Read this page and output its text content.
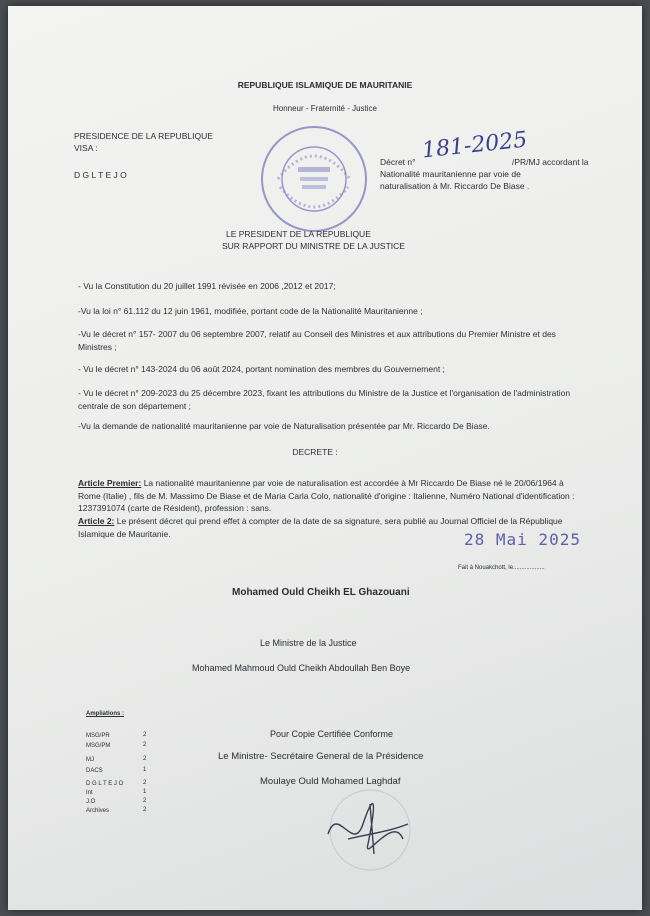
REPUBLIQUE ISLAMIQUE DE MAURITANIE
Honneur - Fraternité - Justice
PRESIDENCE DE LA REPUBLIQUE
VISA :
D G L T E J O
Décret n° 181-2025
/PR/MJ accordant la
Nationalité mauritanienne par voie de
naturalisation à Mr. Riccardo De Biase .
LE PRESIDENT DE LA REPUBLIQUE
SUR RAPPORT DU MINISTRE DE LA JUSTICE
- Vu la Constitution du 20 juillet 1991 révisée en 2006 ,2012 et 2017;
-Vu la loi n° 61.112 du 12 juin 1961, modifiée, portant code de la Nationalité Mauritanienne ;
-Vu le décret n° 157- 2007 du 06 septembre 2007, relatif au Conseil des Ministres et aux attributions du Premier Ministre et des Ministres ;
- Vu le décret n° 143-2024 du 06 août 2024, portant nomination des membres du Gouvernement ;
- Vu le décret n° 209-2023 du 25 décembre 2023, fixant les attributions du Ministre de la Justice et l'organisation de l'administration centrale de son département ;
-Vu la demande de nationalité mauritanienne par voie de Naturalisation présentée par Mr. Riccardo De Biase.
DECRETE :
Article Premier: La nationalité mauritanienne par voie de naturalisation est accordée à Mr Riccardo De Biase né le 20/06/1964 à Rome (Italie) , fils de M. Massimo De Biase et de Maria Carla Colo, nationalité d'origine : Italienne, Numéro National d'identification : 1237391074 (carte de Résident), profession : sans.
Article 2: Le présent décret qui prend effet à compter de la date de sa signature, sera publié au Journal Officiel de la République Islamique de Mauritanie.	28 Mai 2025
Fait à Nouakchott, le...................
Mohamed Ould Cheikh EL Ghazouani
Le Ministre de la Justice
Mohamed Mahmoud Ould Cheikh Abdoullah Ben Boye
Ampliations :
MSG/PR	2
MSG/PM	2
MJ	2
DACS	1
D G L T E J O	2
Int	1
J.O	2
Archives	2
Pour Copie Certifiée Conforme
Le Ministre- Secrétaire General de la Présidence
Moulaye Ould Mohamed Laghdaf
